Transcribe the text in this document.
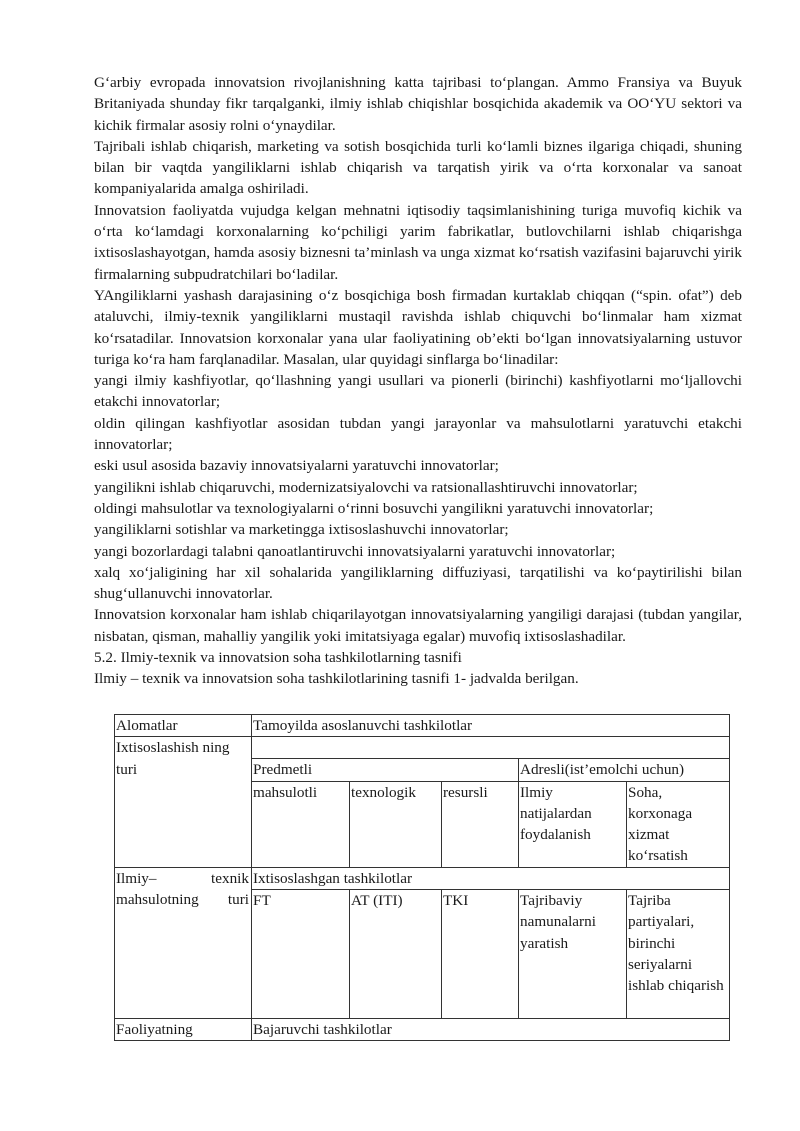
G‘arbiy evropada innovatsion rivojlanishning katta tajribasi to‘plangan. Ammo Fransiya va Buyuk Britaniyada shunday fikr tarqalganki, ilmiy ishlab chiqishlar bosqichida akademik va OO‘YU sektori va kichik firmalar asosiy rolni o‘ynaydilar.

Tajribali ishlab chiqarish, marketing va sotish bosqichida turli ko‘lamli biznes ilgariga chiqadi, shuning bilan bir vaqtda yangiliklarni ishlab chiqarish va tarqatish yirik va o‘rta korxonalar va sanoat kompaniyalarida amalga oshiriladi.

Innovatsion faoliyatda vujudga kelgan mehnatni iqtisodiy taqsimlanishining turiga muvofiq kichik va o‘rta ko‘lamdagi korxonalarning ko‘pchiligi yarim fabrikatlar, butlovchilarni ishlab chiqarishga ixtisoslashayotgan, hamda asosiy biznesni ta’minlash va unga xizmat ko‘rsatish vazifasini bajaruvchi yirik firmalarning subpudratchilari bo‘ladilar.

YAngiliklarni yashash darajasining o‘z bosqichiga bosh firmadan kurtaklab chiqqan (“spin. ofat”) deb ataluvchi, ilmiy-texnik yangiliklarni mustaqil ravishda ishlab chiquvchi bo‘linmalar ham xizmat ko‘rsatadilar. Innovatsion korxonalar yana ular faoliyatining ob’ekti bo‘lgan innovatsiyalarning ustuvor turiga ko‘ra ham farqlanadilar. Masalan, ular quyidagi sinflarga bo‘linadilar:

yangi ilmiy kashfiyotlar, qo‘llashning yangi usullari va pionerli (birinchi) kashfiyotlarni mo‘ljallovchi etakchi innovatorlar;

oldin qilingan kashfiyotlar asosidan tubdan yangi jarayonlar va mahsulotlarni yaratuvchi etakchi innovatorlar;

eski usul asosida bazaviy innovatsiyalarni yaratuvchi innovatorlar;

yangilikni ishlab chiqaruvchi, modernizatsiyalovchi va ratsionallashtiruvchi innovatorlar;

oldingi mahsulotlar va texnologiyalarni o‘rinni bosuvchi yangilikni yaratuvchi innovatorlar;

yangiliklarni sotishlar va marketingga ixtisoslashuvchi innovatorlar;

yangi bozorlardagi talabni qanoatlantiruvchi innovatsiyalarni yaratuvchi innovatorlar;

xalq xo‘jaligining har xil sohalarida yangiliklarning diffuziyasi, tarqatilishi va ko‘paytirilishi bilan shug‘ullanuvchi innovatorlar.

Innovatsion korxonalar ham ishlab chiqarilayotgan innovatsiyalarning yangiligi darajasi (tubdan yangilar, nisbatan, qisman, mahalliy yangilik yoki imitatsiyaga egalar) muvofiq ixtisoslashadilar.

5.2. Ilmiy-texnik va innovatsion soha tashkilotlarning tasnifi

Ilmiy – texnik va innovatsion soha tashkilotlarining tasnifi 1- jadvalda berilgan.

Alomatlar	Tamoyilda asoslanuvchi tashkilotlar				
Ixtisoslashish ning turi					
	Predmetli			Adresli(ist’emolchi uchun)	
	mahsulotli	texnologik	resursli	Ilmiy natijalardan foydalanish	Soha, korxonaga xizmat ko‘rsatish

Ilmiy– texnik mahsulotning turi	Ixtisoslashgan tashkilotlar				
	FT	AT (ITI)	TKI	Tajribaviy namunalarni yaratish	Tajriba partiyalari, birinchi seriyalarni ishlab chiqarish
Faoliyatning	Bajaruvchi tashkilotlar				
